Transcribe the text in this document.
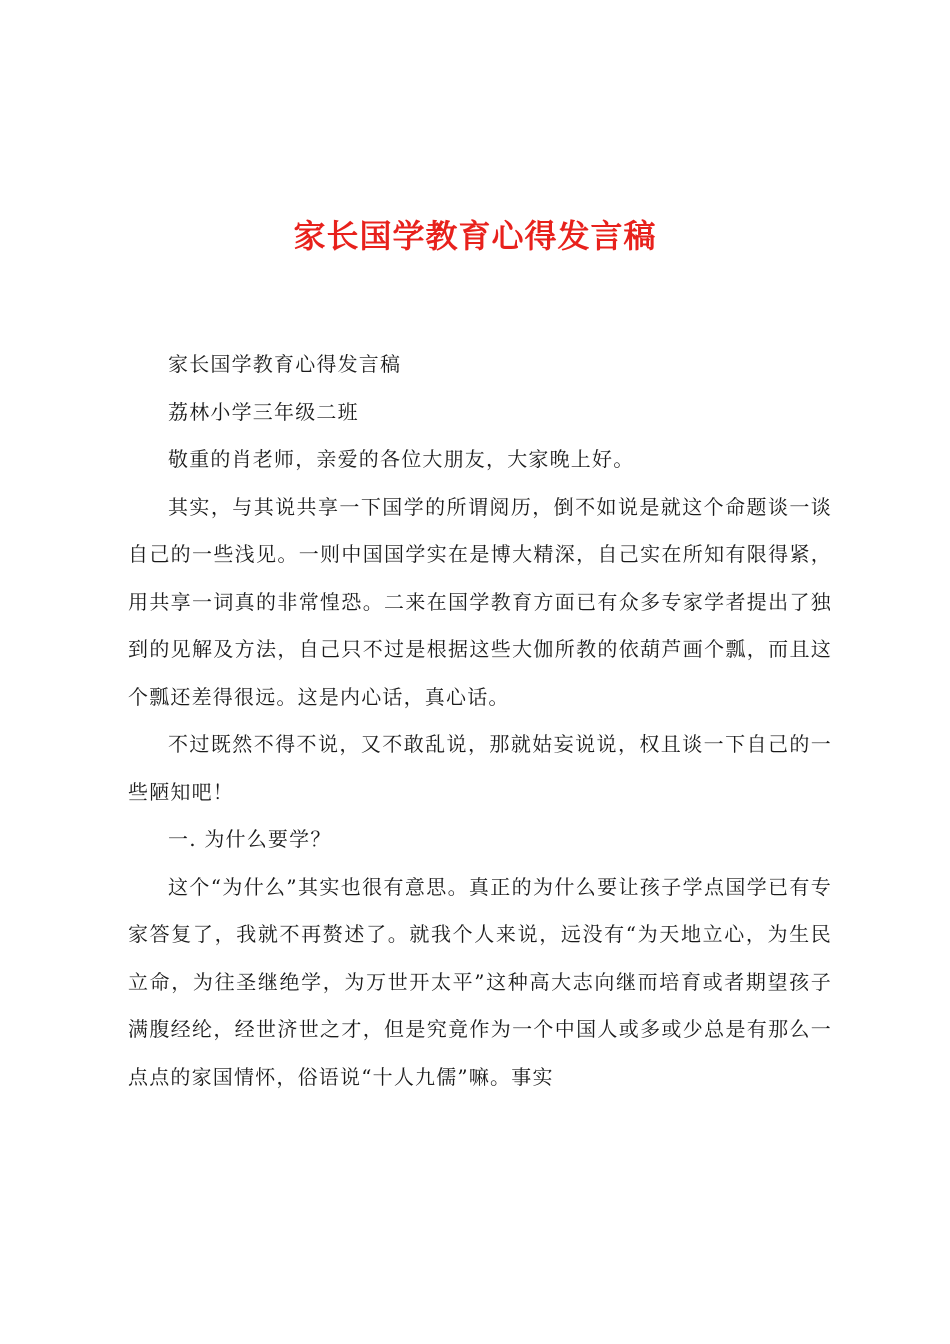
家长国学教育心得发言稿

家长国学教育心得发言稿

荔林小学三年级二班

敬重的肖老师，亲爱的各位大朋友，大家晚上好。

其实，与其说共享一下国学的所谓阅历，倒不如说是就这个命题谈一谈自己的一些浅见。一则中国国学实在是博大精深，自己实在所知有限得紧，用共享一词真的非常惶恐。二来在国学教育方面已有众多专家学者提出了独到的见解及方法，自己只不过是根据这些大伽所教的依葫芦画个瓢，而且这个瓢还差得很远。这是内心话，真心话。

不过既然不得不说，又不敢乱说，那就姑妄说说，权且谈一下自己的一些陋知吧！

一. 为什么要学？

这个“为什么”其实也很有意思。真正的为什么要让孩子学点国学已有专家答复了，我就不再赘述了。就我个人来说，远没有“为天地立心，为生民立命，为往圣继绝学，为万世开太平”这种高大志向继而培育或者期望孩子满腹经纶，经世济世之才，但是究竟作为一个中国人或多或少总是有那么一点点的家国情怀，俗语说“十人九儒”嘛。事实
